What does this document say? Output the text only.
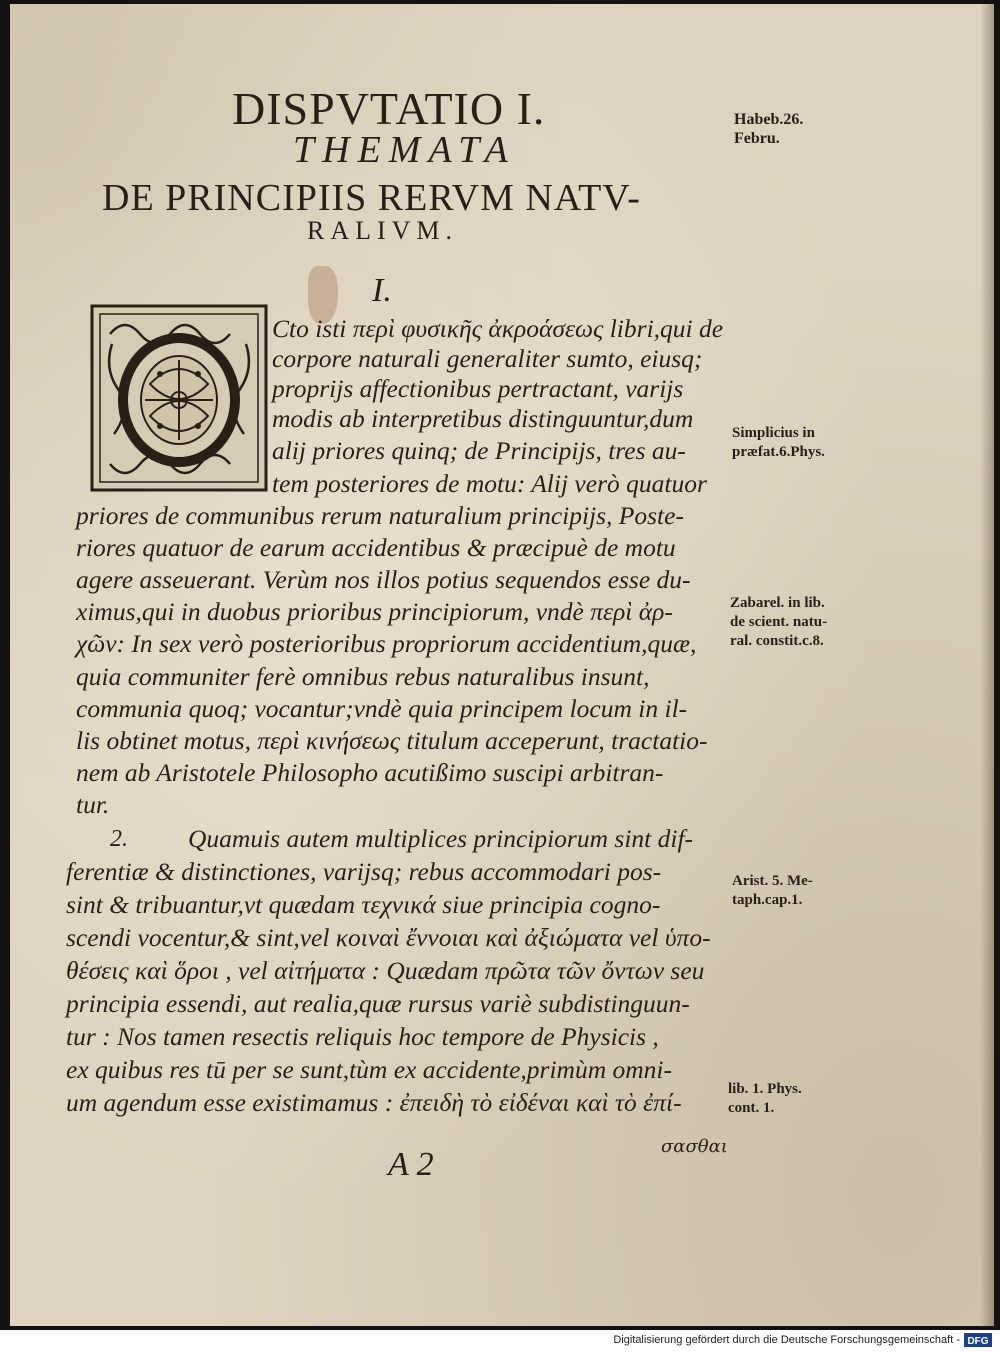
DISPVTATIO I.
THEMATA
DE PRINCIPIIS RERVM NATV-
RALIVM.
I.
Cto isti περὶ φυσικῆς ἀκροάσεως libri,qui de
corpore naturali generaliter sumto, eiusq;
proprijs affectionibus pertractant, varijs
modis ab interpretibus distinguuntur,dum
alij priores quinq; de Principijs, tres au-
tem posteriores de motu: Alij verò quatuor
priores de communibus rerum naturalium principijs, Poste-
riores quatuor de earum accidentibus & præcipuè de motu
agere asseuerant. Verùm nos illos potius sequendos esse du-
ximus,qui in duobus prioribus principiorum, vndè περὶ ἀρ-
χῶν: In sex verò posterioribus propriorum accidentium,quæ,
quia communiter ferè omnibus rebus naturalibus insunt,
communia quoq; vocantur;vndè quia principem locum in il-
lis obtinet motus, περὶ κινήσεως titulum acceperunt, tractatio-
nem ab Aristotele Philosopho acutißimo suscipi arbitran-
tur.
2. Quamuis autem multiplices principiorum sint dif-
ferentiæ & distinctiones, varijsq; rebus accommodari pos-
sint & tribuantur,vt quædam τεχνικά siue principia cogno-
scendi vocentur,& sint,vel κοιναὶ ἔννοιαι καὶ ἀξιώματα vel ὑπο-
θέσεις καὶ ὅροι , vel αἰτήματα : Quædam πρῶτα τῶν ὄντων seu
principia essendi, aut realia,quæ rursus variè subdistinguun-
tur : Nos tamen resectis reliquis hoc tempore de Physicis ,
ex quibus res tū per se sunt,tùm ex accidente,primùm omni-
um agendum esse existimamus : ἐπειδὴ τὸ εἰδέναι καὶ τὸ ἐπί-
Habeb.26.
Febru.
Simplicius in
præfat.6.Phys.
Zabarel. in lib.
de scient. natu-
ral. constit.c.8.
Arist. 5. Me-
taph.cap.1.
lib. 1. Phys.
cont. 1.
A 2	σασθαι
Digitalisierung gefördert durch die Deutsche Forschungsgemeinschaft - DFG
